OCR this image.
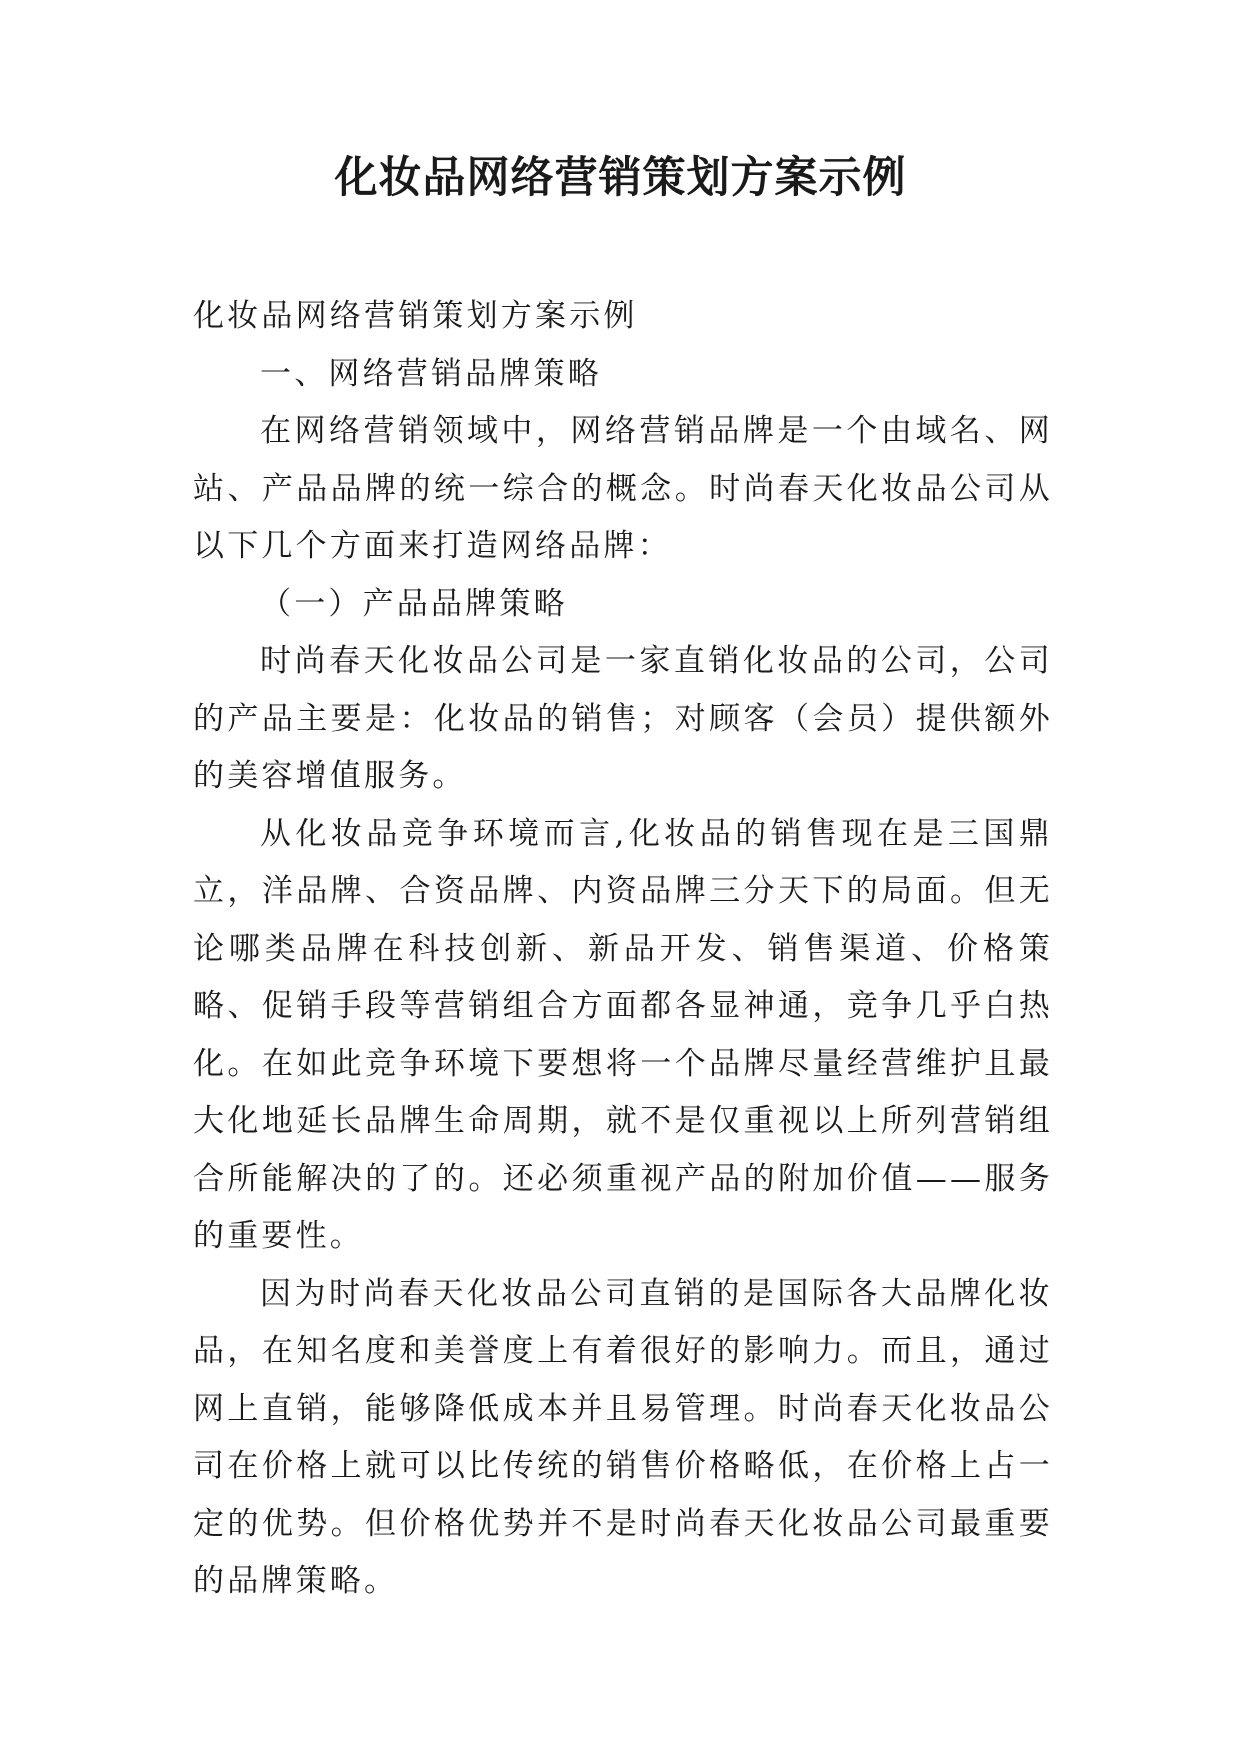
化妆品网络营销策划方案示例

化妆品网络营销策划方案示例

一、网络营销品牌策略

在网络营销领域中，网络营销品牌是一个由域名、网站、产品品牌的统一综合的概念。时尚春天化妆品公司从以下几个方面来打造网络品牌：

（一）产品品牌策略

时尚春天化妆品公司是一家直销化妆品的公司，公司的产品主要是：化妆品的销售；对顾客（会员）提供额外的美容增值服务。

从化妆品竞争环境而言,化妆品的销售现在是三国鼎立，洋品牌、合资品牌、内资品牌三分天下的局面。但无论哪类品牌在科技创新、新品开发、销售渠道、价格策略、促销手段等营销组合方面都各显神通，竞争几乎白热化。在如此竞争环境下要想将一个品牌尽量经营维护且最大化地延长品牌生命周期，就不是仅重视以上所列营销组合所能解决的了的。还必须重视产品的附加价值——服务的重要性。

因为时尚春天化妆品公司直销的是国际各大品牌化妆品，在知名度和美誉度上有着很好的影响力。而且，通过网上直销，能够降低成本并且易管理。时尚春天化妆品公司在价格上就可以比传统的销售价格略低，在价格上占一定的优势。但价格优势并不是时尚春天化妆品公司最重要的品牌策略。
